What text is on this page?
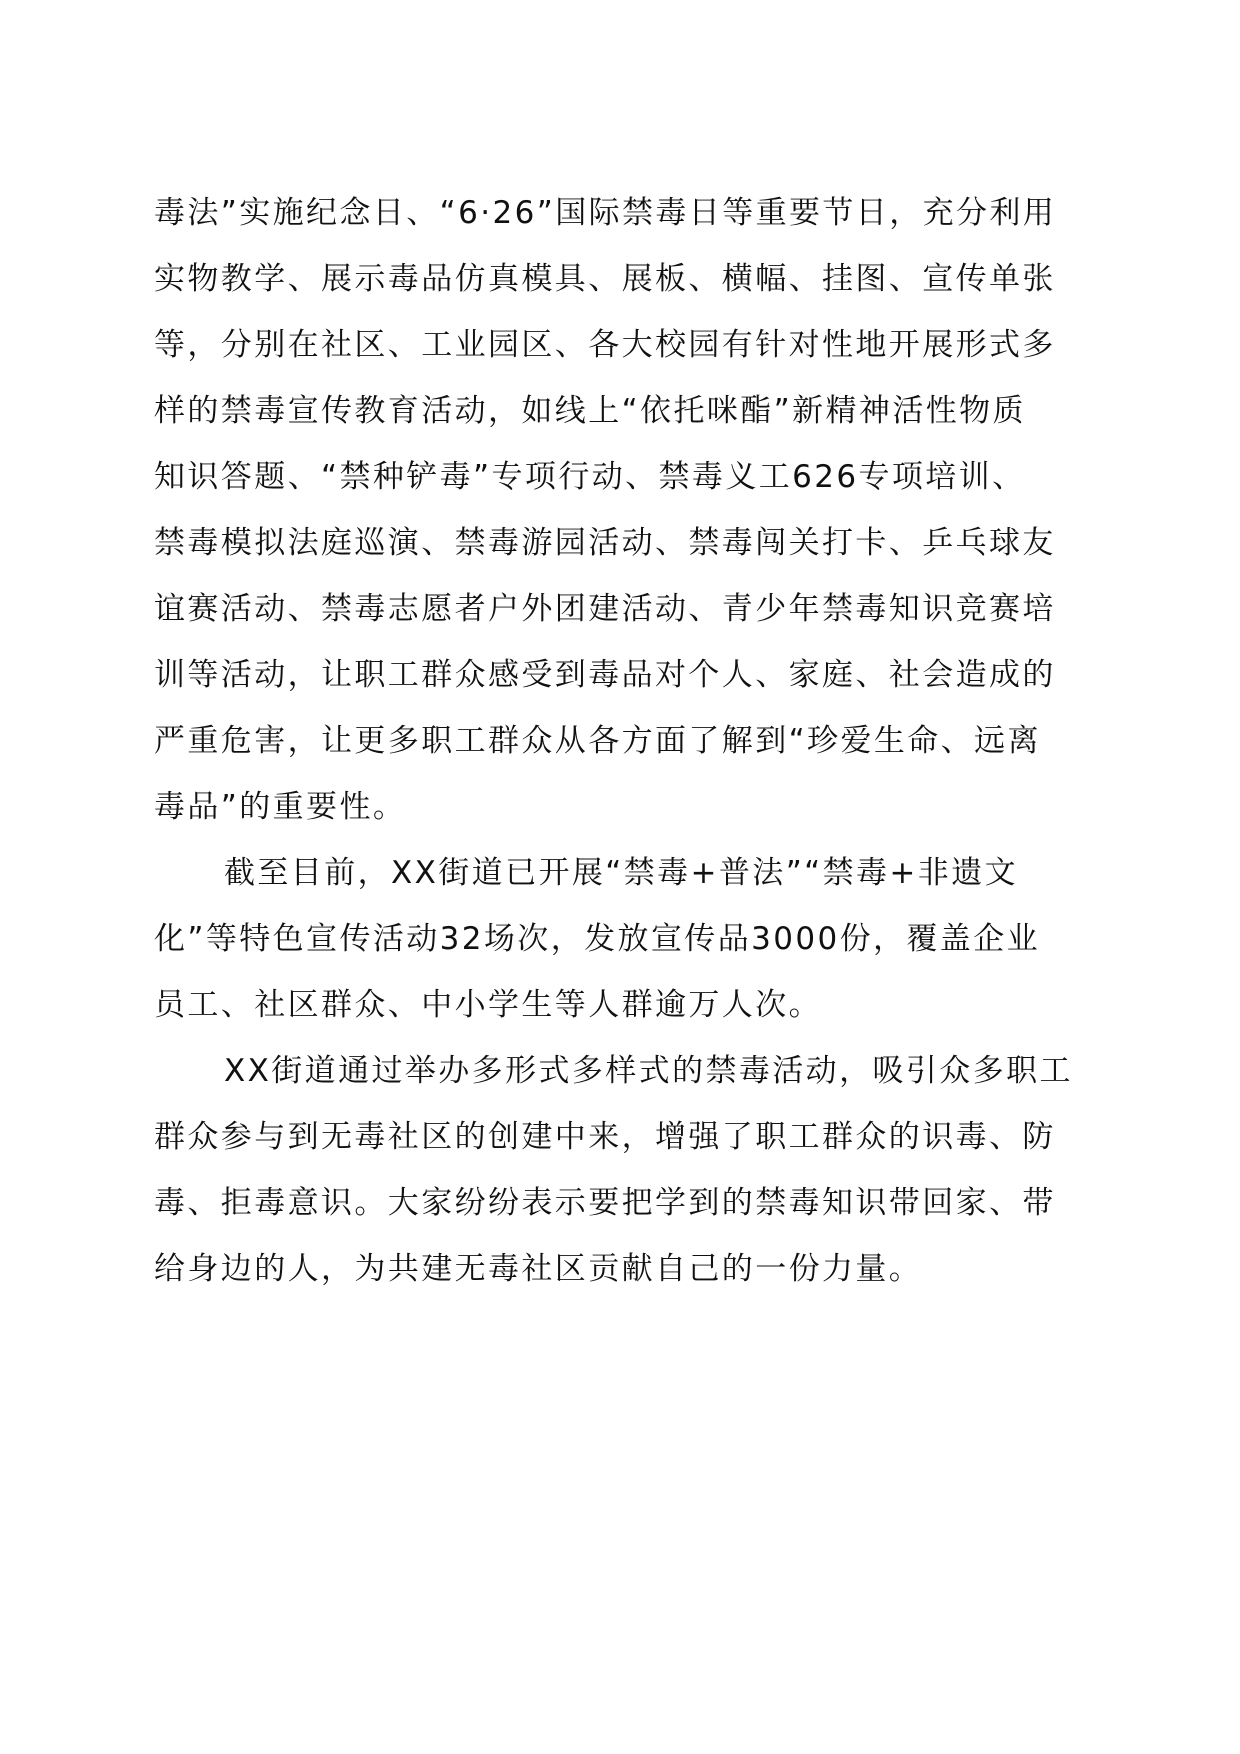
毒法”实施纪念日、“6·26”国际禁毒日等重要节日，充分利用
实物教学、展示毒品仿真模具、展板、横幅、挂图、宣传单张
等，分别在社区、工业园区、各大校园有针对性地开展形式多
样的禁毒宣传教育活动，如线上“依托咪酯”新精神活性物质
知识答题、“禁种铲毒”专项行动、禁毒义工626专项培训、
禁毒模拟法庭巡演、禁毒游园活动、禁毒闯关打卡、乒乓球友
谊赛活动、禁毒志愿者户外团建活动、青少年禁毒知识竞赛培
训等活动，让职工群众感受到毒品对个人、家庭、社会造成的
严重危害，让更多职工群众从各方面了解到“珍爱生命、远离
毒品”的重要性。
截至目前，XX街道已开展“禁毒+普法”“禁毒+非遗文
化”等特色宣传活动32场次，发放宣传品3000份，覆盖企业
员工、社区群众、中小学生等人群逾万人次。
XX街道通过举办多形式多样式的禁毒活动，吸引众多职工
群众参与到无毒社区的创建中来，增强了职工群众的识毒、防
毒、拒毒意识。大家纷纷表示要把学到的禁毒知识带回家、带
给身边的人，为共建无毒社区贡献自己的一份力量。
